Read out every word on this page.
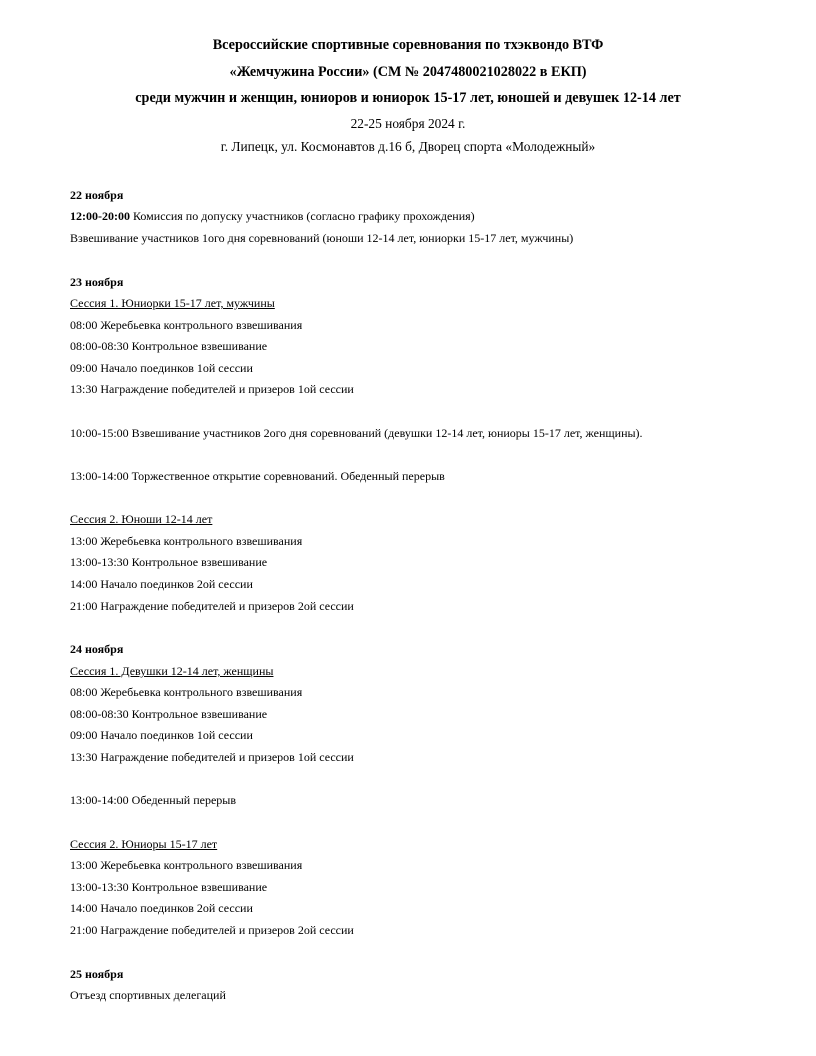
Всероссийские спортивные соревнования по тхэквондо ВТФ
«Жемчужина России» (СМ № 2047480021028022 в ЕКП)
среди мужчин и женщин, юниоров и юниорок 15-17 лет, юношей и девушек 12-14 лет
22-25 ноября 2024 г.
г. Липецк, ул. Космонавтов д.16 б, Дворец спорта «Молодежный»
22 ноября
12:00-20:00 Комиссия по допуску участников (согласно графику прохождения)
Взвешивание участников 1ого дня соревнований (юноши 12-14 лет, юниорки 15-17 лет, мужчины)
23 ноября
Сессия 1. Юниорки 15-17 лет, мужчины
08:00 Жеребьевка контрольного взвешивания
08:00-08:30 Контрольное взвешивание
09:00 Начало поединков 1ой сессии
13:30 Награждение победителей и призеров 1ой сессии
10:00-15:00 Взвешивание участников 2ого дня соревнований (девушки 12-14 лет, юниоры 15-17 лет, женщины).
13:00-14:00 Торжественное открытие соревнований. Обеденный перерыв
Сессия 2. Юноши 12-14 лет
13:00 Жеребьевка контрольного взвешивания
13:00-13:30 Контрольное взвешивание
14:00 Начало поединков 2ой сессии
21:00 Награждение победителей и призеров 2ой сессии
24 ноября
Сессия 1. Девушки 12-14 лет, женщины
08:00 Жеребьевка контрольного взвешивания
08:00-08:30 Контрольное взвешивание
09:00 Начало поединков 1ой сессии
13:30 Награждение победителей и призеров 1ой сессии
13:00-14:00 Обеденный перерыв
Сессия 2. Юниоры 15-17 лет
13:00 Жеребьевка контрольного взвешивания
13:00-13:30 Контрольное взвешивание
14:00 Начало поединков 2ой сессии
21:00 Награждение победителей и призеров 2ой сессии
25 ноября
Отъезд спортивных делегаций
